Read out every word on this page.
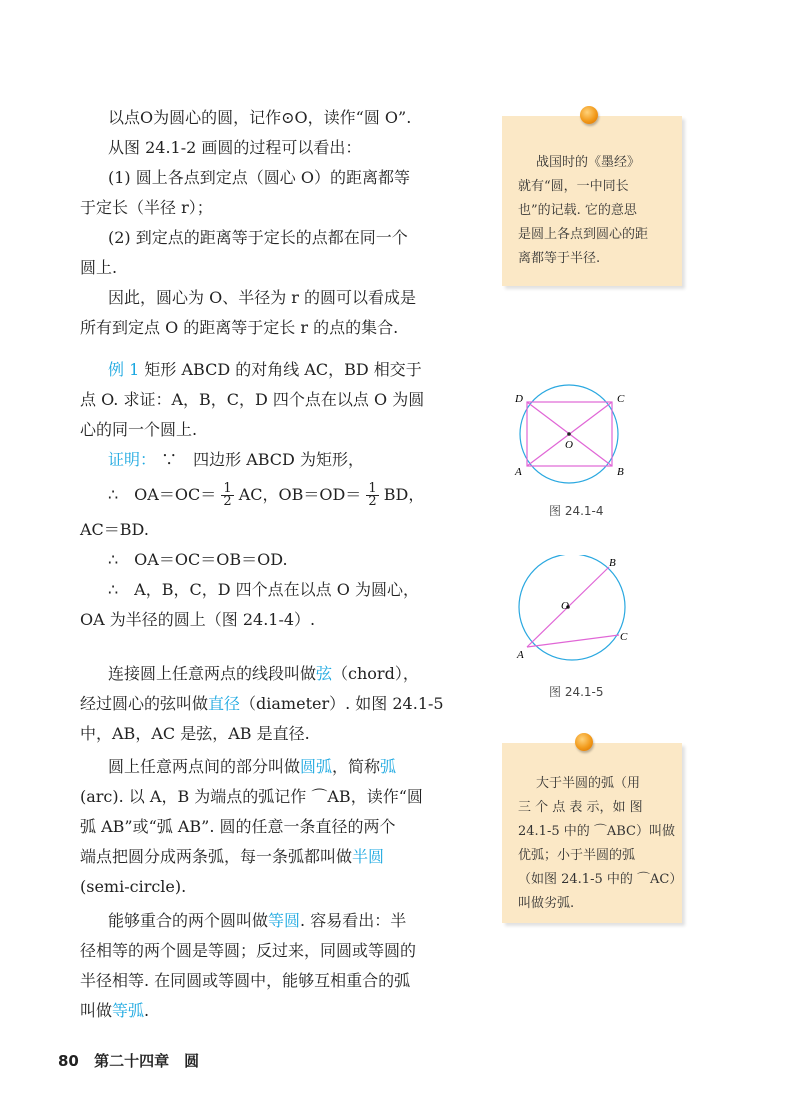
以点O为圆心的圆，记作⊙O，读作“圆 O”.
从图 24.1-2 画圆的过程可以看出：
(1) 圆上各点到定点（圆心 O）的距离都等
于定长（半径 r）；
(2) 到定点的距离等于定长的点都在同一个
圆上.
因此，圆心为 O、半径为 r 的圆可以看成是
所有到定点 O 的距离等于定长 r 的点的集合.
例 1 矩形 ABCD 的对角线 AC，BD 相交于
点 O. 求证：A，B，C，D 四个点在以点 O 为圆
心的同一个圆上.
证明： ∵　四边形 ABCD 为矩形，
∴　$OA=OC= \frac{1}{2}$ AC，$OB=OD= \frac{1}{2}$ BD，
AC＝BD.
∴　OA＝OC＝OB＝OD.
∴　A，B，C，D 四个点在以点 O 为圆心，
OA 为半径的圆上（图 24.1-4）.
连接圆上任意两点的线段叫做弦（chord），
经过圆心的弦叫做直径（diameter）. 如图 24.1-5
中，AB，AC 是弦，AB 是直径.
圆上任意两点间的部分叫做圆弧，简称弧
(arc). 以 A，B 为端点的弧记作 ⌒AB，读作“圆
弧 AB”或“弧 AB”. 圆的任意一条直径的两个
端点把圆分成两条弧，每一条弧都叫做半圆
(semi-circle).
能够重合的两个圆叫做等圆. 容易看出：半
径相等的两个圆是等圆；反过来，同圆或等圆的
半径相等. 在同圆或等圆中，能够互相重合的弧
叫做等弧.
战国时的《墨经》
就有“圆，一中同长
也”的记载. 它的意思
是圆上各点到圆心的距
离都等于半径.
D	C
O
A	B
图 24.1-4
B
O
C
A
图 24.1-5
大于半圆的弧（用
三 个 点 表 示，如 图
24.1-5 中的 ⌒ABC）叫做
优弧；小于半圆的弧
（如图 24.1-5 中的 ⌒AC）
叫做劣弧.
80 第二十四章　圆
